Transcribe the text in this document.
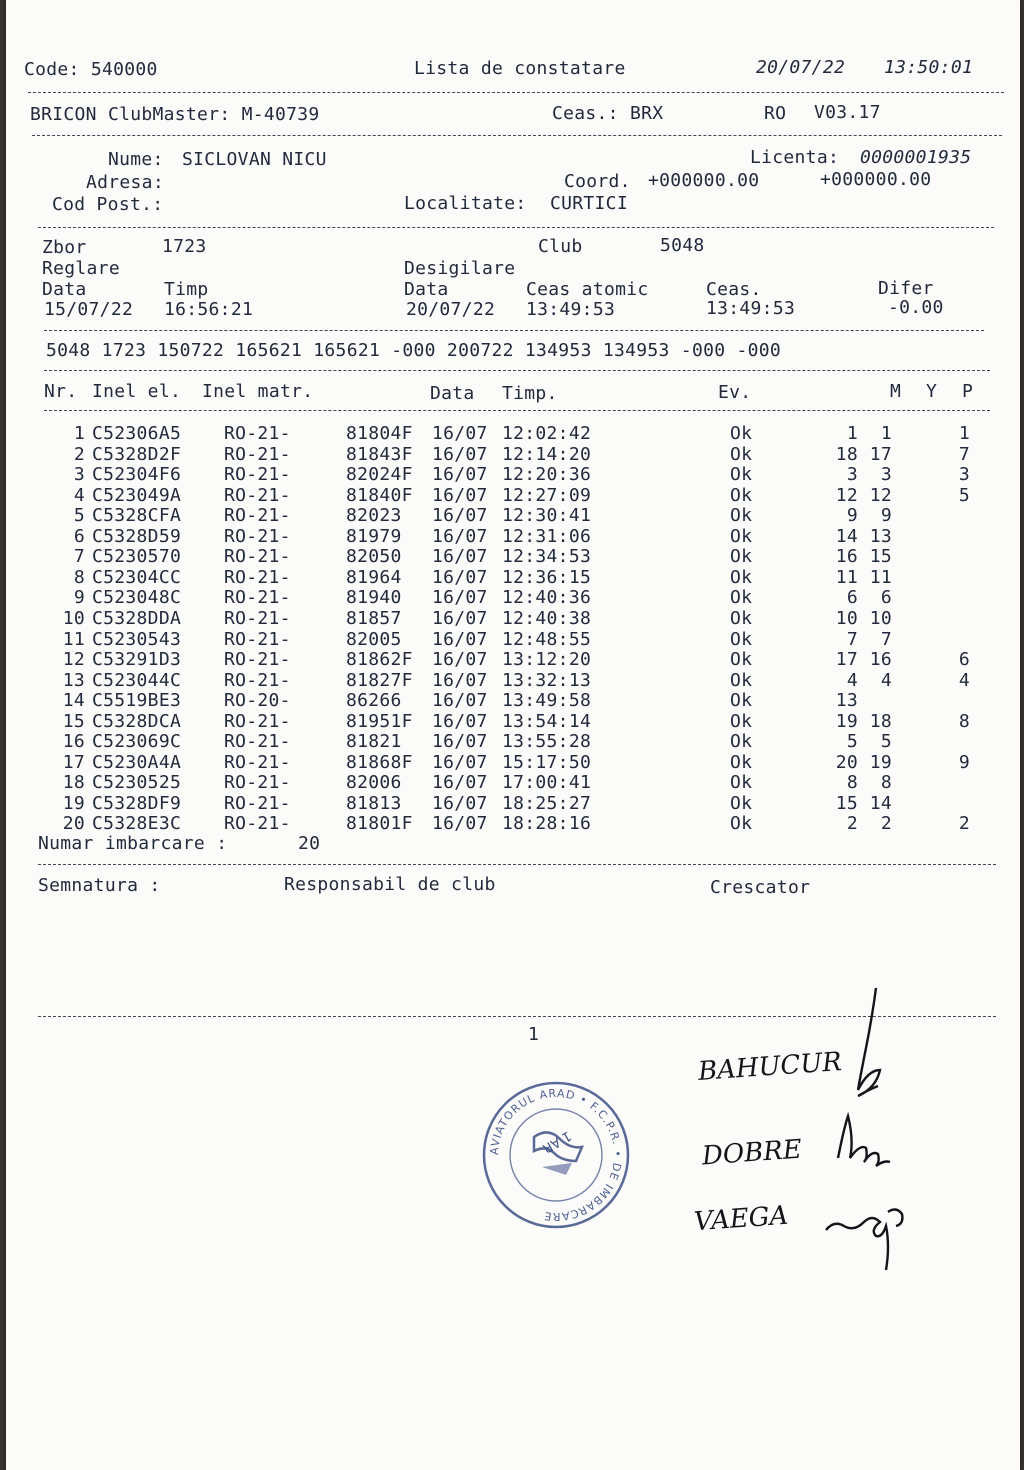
Code: 540000	Lista de constatare	20/07/22 13:50:01
BRICON ClubMaster: M-40739	Ceas.: BRX	RO V03.17
Nume: SICLOVAN NICU	Licenta: 0000001935
Adresa:	Coord. +000000.00	+000000.00
Cod Post.:	Localitate: CURTICI
Zbor	1723	Club	5048
Reglare	Desigilare
Data	Timp	Data	Ceas atomic	Ceas.	Difer
15/07/22 16:56:21	20/07/22 13:49:53	13:49:53	-0.00
5048 1723 150722 165621 165621 -000 200722 134953 134953 -000 -000
Nr. Inel el. Inel matr.	Data Timp.	Ev.	M Y P
1 C52306A5 RO-21-	81804F 16/07 12:02:42	Ok	1	1	1
2 C5328D2F RO-21-	81843F 16/07 12:14:20	Ok	18 17	7
3 C52304F6 RO-21-	82024F 16/07 12:20:36	Ok	3	3	3
4 C523049A RO-21-	81840F 16/07 12:27:09	Ok	12 12	5
5 C5328CFA RO-21-	82023 16/07 12:30:41	Ok	9	9
6 C5328D59 RO-21-	81979 16/07 12:31:06	Ok	14 13
7 C5230570 RO-21-	82050 16/07 12:34:53	Ok	16 15
8 C52304CC RO-21-	81964 16/07 12:36:15	Ok	11 11
9 C523048C RO-21-	81940 16/07 12:40:36	Ok	6	6
10 C5328DDA RO-21-	81857 16/07 12:40:38	Ok	10 10
11 C5230543 RO-21-	82005 16/07 12:48:55	Ok	7	7
12 C53291D3 RO-21-	81862F 16/07 13:12:20	Ok	17 16	6
13 C523044C RO-21-	81827F 16/07 13:32:13	Ok	4	4	4
14 C5519BE3 RO-20-	86266 16/07 13:49:58	Ok	13
15 C5328DCA RO-21-	81951F 16/07 13:54:14	Ok	19 18	8
16 C523069C RO-21-	81821 16/07 13:55:28	Ok	5	5
17 C5230A4A RO-21-	81868F 16/07 15:17:50	Ok	20 19	9
18 C5230525 RO-21-	82006 16/07 17:00:41	Ok	8	8
19 C5328DF9 RO-21-	81813 16/07 18:25:27	Ok	15 14
20 C5328E3C RO-21-	81801F 16/07 18:28:16	Ok	2	2	2
Numar imbarcare :	20
Semnatura :	Responsabil de club	Crescator
1
AVIATORUL ARAD • F.C.P.R. • DE IMBARCARE
1 AR
BAHUCUR
DOBRE
VAEGA
